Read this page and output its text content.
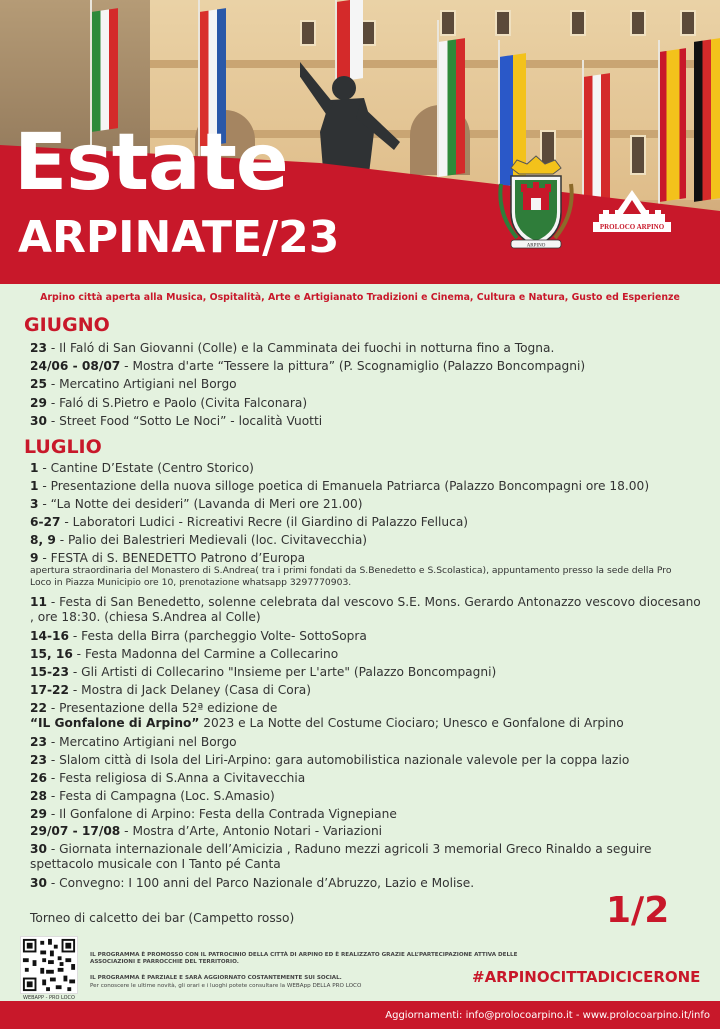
Estate
ARPINATE/23	ARPINO
PROLOCO ARPINO
Arpino città aperta alla Musica, Ospitalità, Arte e Artigianato Tradizioni e Cinema, Cultura e Natura, Gusto ed Esperienze
GIUGNO
23 - Il Faló di San Giovanni (Colle) e la Camminata dei fuochi in notturna fino a Togna.
24/06 - 08/07 - Mostra d'arte “Tessere la pittura” (P. Scognamiglio (Palazzo Boncompagni)
25 - Mercatino Artigiani nel Borgo
29 - Faló di S.Pietro e Paolo (Civita Falconara)
30 - Street Food “Sotto Le Noci” - località Vuotti
LUGLIO
1 - Cantine D’Estate (Centro Storico)
1 - Presentazione della nuova silloge poetica di Emanuela Patriarca (Palazzo Boncompagni ore 18.00)
3 - “La Notte dei desideri” (Lavanda di Meri ore 21.00)
6-27 - Laboratori Ludici - Ricreativi Recre (il Giardino di Palazzo Felluca)
8, 9 - Palio dei Balestrieri Medievali (loc. Civitavecchia)
9 - FESTA di S. BENEDETTO Patrono d’Europa
apertura straordinaria del Monastero di S.Andrea( tra i primi fondati da S.Benedetto e S.Scolastica), appuntamento presso la sede della Pro Loco in Piazza Municipio ore 10, prenotazione whatsapp 3297770903.
11 - Festa di San Benedetto, solenne celebrata dal vescovo S.E. Mons. Gerardo Antonazzo vescovo diocesano , ore 18:30. (chiesa S.Andrea al Colle)
14-16 - Festa della Birra (parcheggio Volte- SottoSopra
15, 16 - Festa Madonna del Carmine a Collecarino
15-23 - Gli Artisti di Collecarino "Insieme per L'arte" (Palazzo Boncompagni)
17-22 - Mostra di Jack Delaney (Casa di Cora)
22 - Presentazione della 52ª edizione de
“IL Gonfalone di Arpino” 2023 e La Notte del Costume Ciociaro; Unesco e Gonfalone di Arpino
23 - Mercatino Artigiani nel Borgo
23 - Slalom città di Isola del Liri-Arpino: gara automobilistica nazionale valevole per la coppa lazio
26 - Festa religiosa di S.Anna a Civitavecchia
28 - Festa di Campagna (Loc. S.Amasio)
29 - Il Gonfalone di Arpino: Festa della Contrada Vignepiane
29/07 - 17/08 - Mostra d’Arte, Antonio Notari - Variazioni
30 - Giornata internazionale dell’Amicizia , Raduno mezzi agricoli 3 memorial Greco Rinaldo a seguire spettacolo musicale con I Tanto pé Canta
30 - Convegno: I 100 anni del Parco Nazionale d’Abruzzo, Lazio e Molise.
Torneo di calcetto dei bar (Campetto rosso)	1/2
WEBAPP - PRO LOCO
IL PROGRAMMA È PROMOSSO CON IL PATROCINIO DELLA CITTÀ DI ARPINO ED È REALIZZATO GRAZIE ALL’PARTECIPAZIONE ATTIVA DELLE ASSOCIAZIONI E PARROCCHIE DEL TERRITORIO.
IL PROGRAMMA È PARZIALE E SARÀ AGGIORNATO COSTANTEMENTE SUI SOCIAL.
Per conoscere le ultime novità, gli orari e i luoghi potete consultare la WEBApp DELLA PRO LOCO	#ARPINOCITTADICICERONE
Aggiornamenti: info@prolocoarpino.it - www.prolocoarpino.it/info
